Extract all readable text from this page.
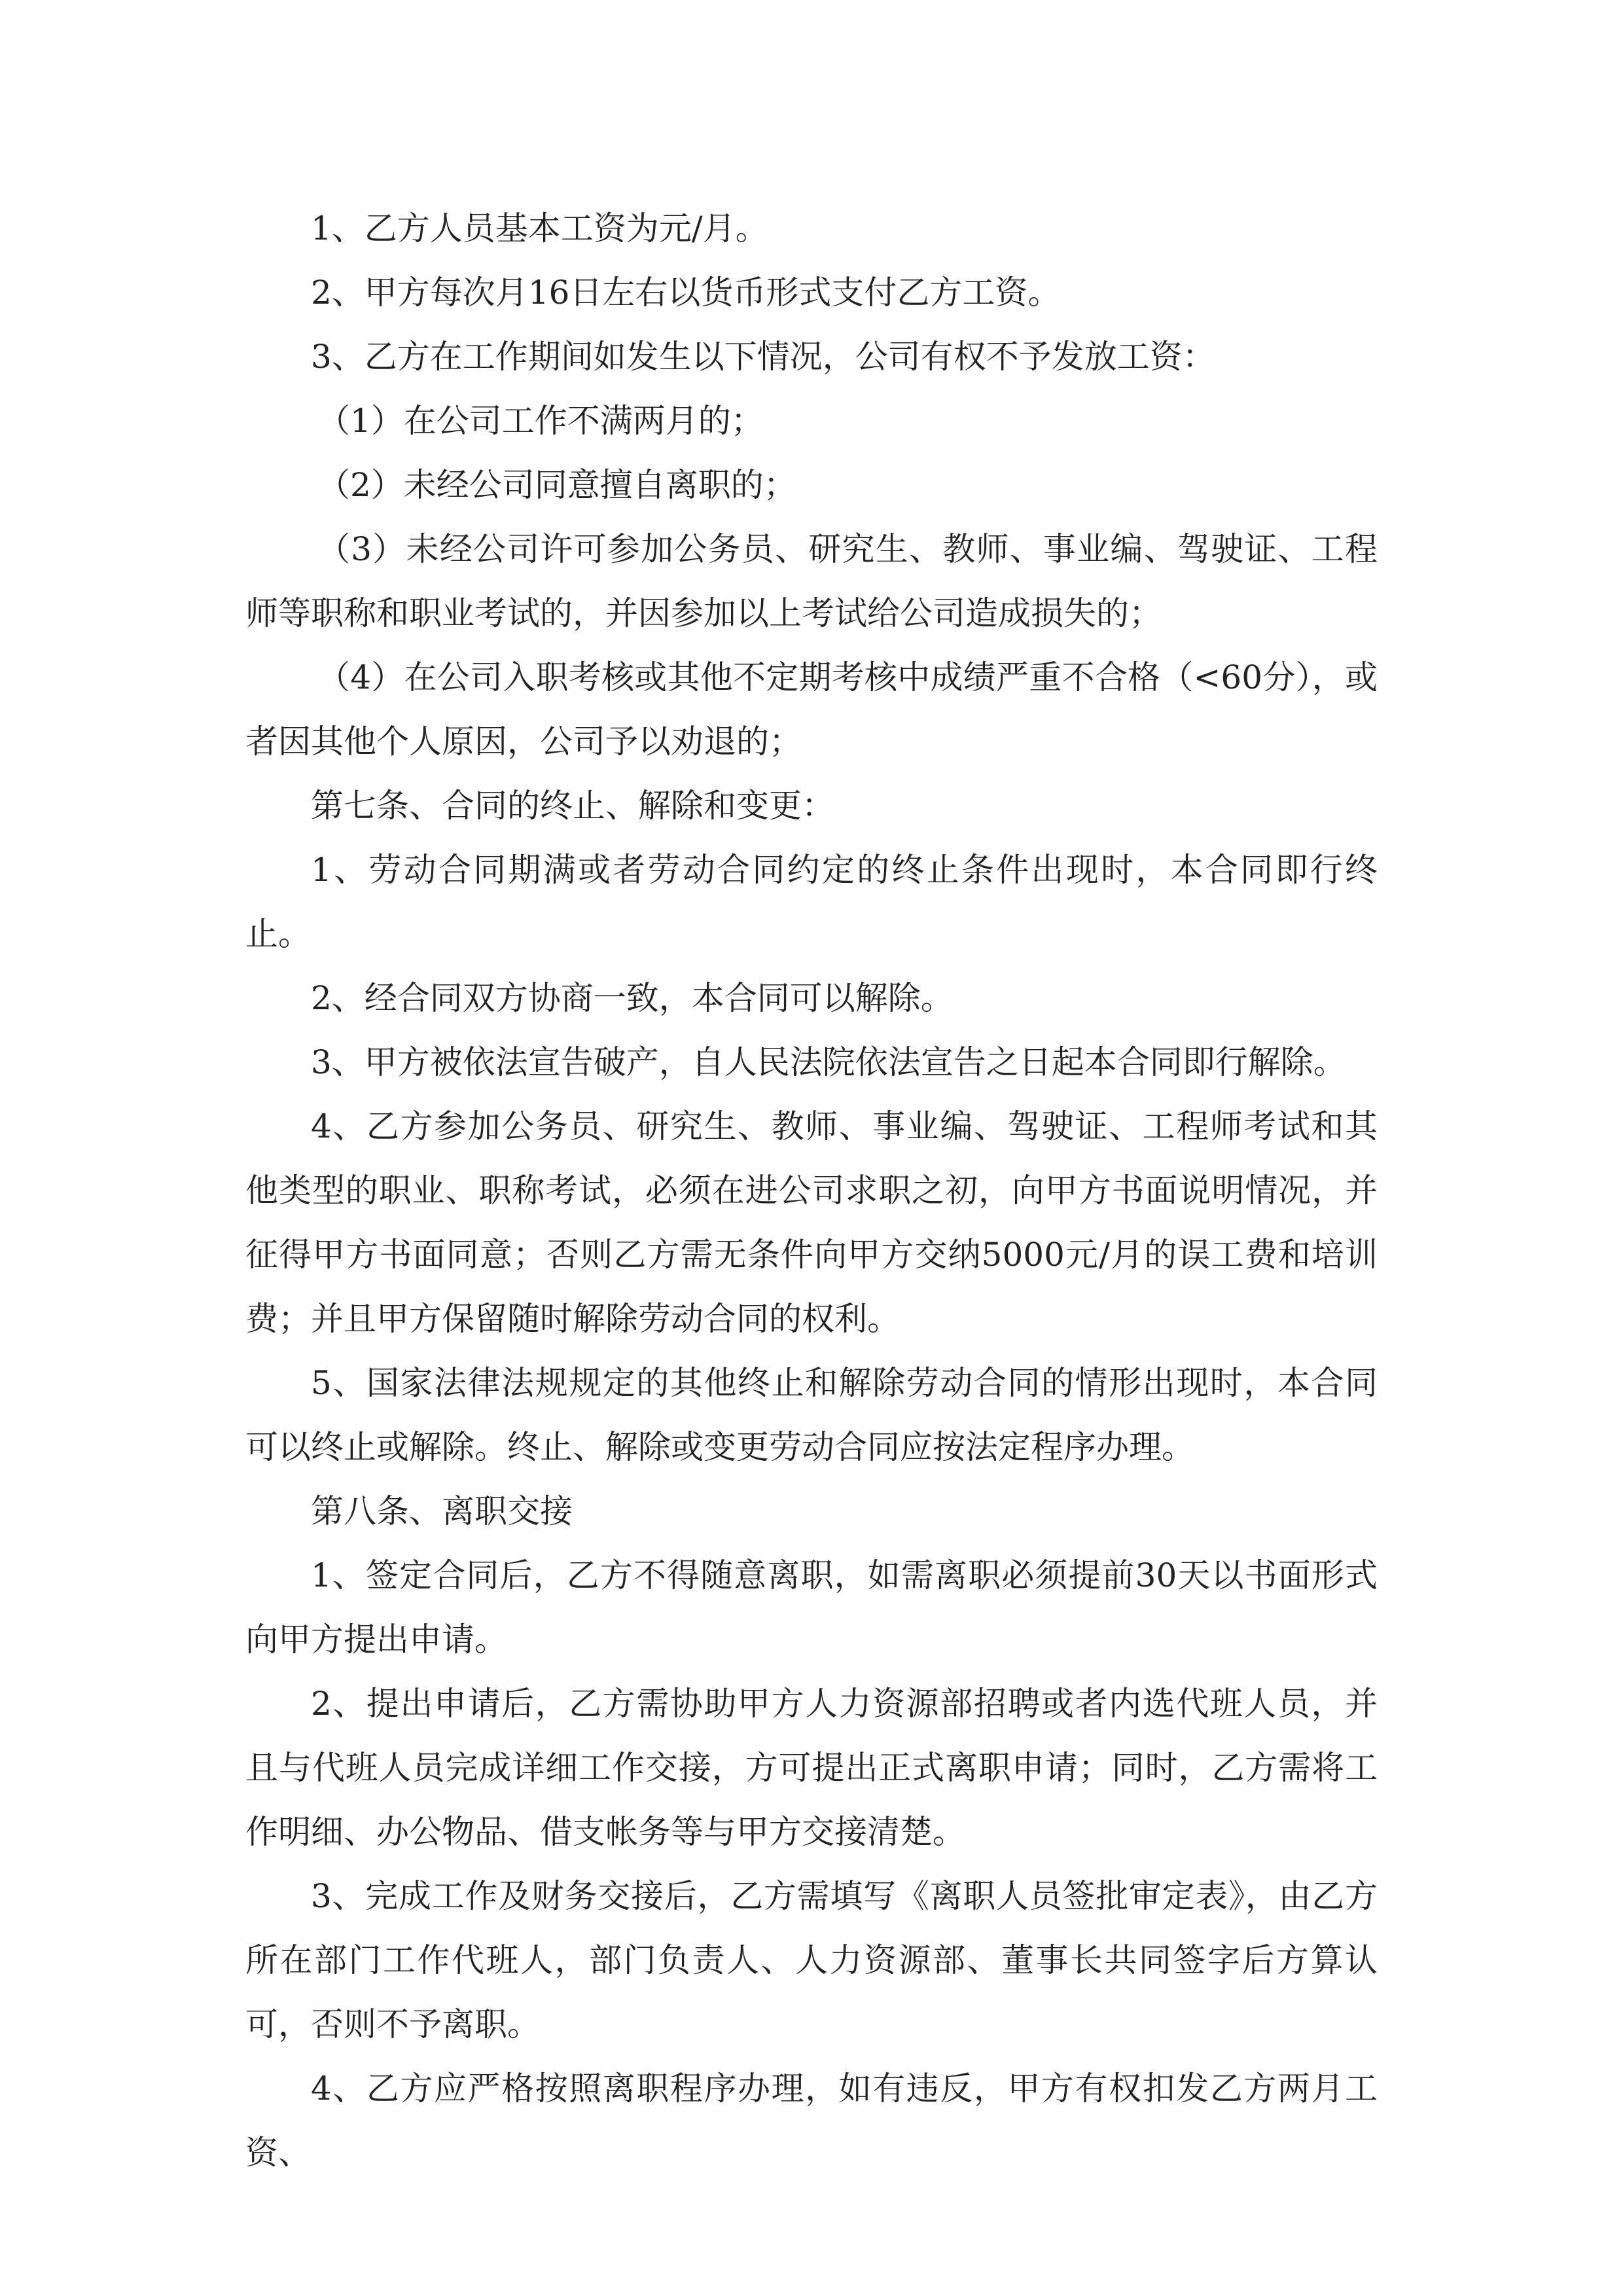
1、乙方人员基本工资为元/月。

2、甲方每次月16日左右以货币形式支付乙方工资。

3、乙方在工作期间如发生以下情况，公司有权不予发放工资：

（1）在公司工作不满两月的；

（2）未经公司同意擅自离职的；

（3）未经公司许可参加公务员、研究生、教师、事业编、驾驶证、工程师等职称和职业考试的，并因参加以上考试给公司造成损失的；

（4）在公司入职考核或其他不定期考核中成绩严重不合格（<60分），或者因其他个人原因，公司予以劝退的；

第七条、合同的终止、解除和变更：

1、劳动合同期满或者劳动合同约定的终止条件出现时，本合同即行终止。

2、经合同双方协商一致，本合同可以解除。

3、甲方被依法宣告破产，自人民法院依法宣告之日起本合同即行解除。

4、乙方参加公务员、研究生、教师、事业编、驾驶证、工程师考试和其他类型的职业、职称考试，必须在进公司求职之初，向甲方书面说明情况，并征得甲方书面同意；否则乙方需无条件向甲方交纳5000元/月的误工费和培训费；并且甲方保留随时解除劳动合同的权利。

5、国家法律法规规定的其他终止和解除劳动合同的情形出现时，本合同可以终止或解除。终止、解除或变更劳动合同应按法定程序办理。

第八条、离职交接

1、签定合同后，乙方不得随意离职，如需离职必须提前30天以书面形式向甲方提出申请。

2、提出申请后，乙方需协助甲方人力资源部招聘或者内选代班人员，并且与代班人员完成详细工作交接，方可提出正式离职申请；同时，乙方需将工作明细、办公物品、借支帐务等与甲方交接清楚。

3、完成工作及财务交接后，乙方需填写《离职人员签批审定表》，由乙方所在部门工作代班人，部门负责人、人力资源部、董事长共同签字后方算认可，否则不予离职。

4、乙方应严格按照离职程序办理，如有违反，甲方有权扣发乙方两月工资、
